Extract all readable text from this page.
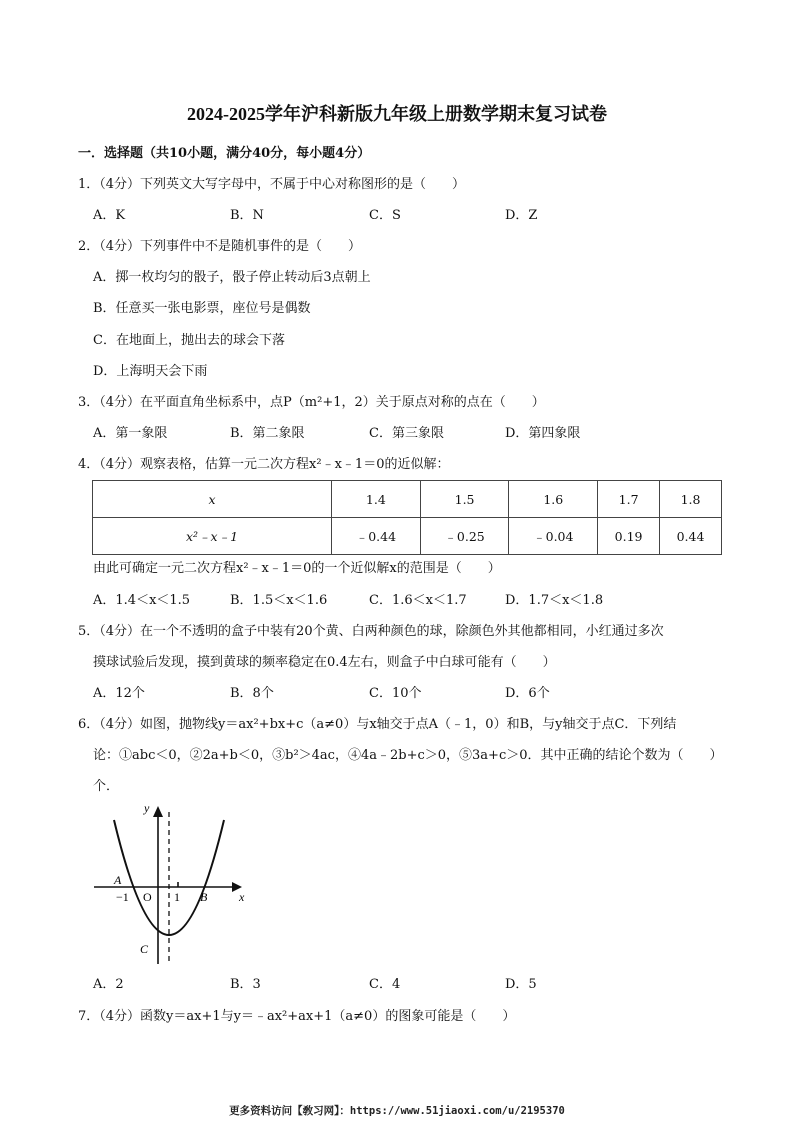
2024-2025学年沪科新版九年级上册数学期末复习试卷
一．选择题（共10小题，满分40分，每小题4分）
1．（4分）下列英文大写字母中，不属于中心对称图形的是（　　）
A．K	B．N	C．S	D．Z
2．（4分）下列事件中不是随机事件的是（　　）
A．掷一枚均匀的骰子，骰子停止转动后3点朝上
B．任意买一张电影票，座位号是偶数
C．在地面上，抛出去的球会下落
D．上海明天会下雨
3．（4分）在平面直角坐标系中，点P（m²+1，2）关于原点对称的点在（　　）
A．第一象限	B．第二象限	C．第三象限	D．第四象限
4．（4分）观察表格，估算一元二次方程x²﹣x﹣1＝0的近似解：
x	1.4	1.5	1.6	1.7	1.8
x²﹣x﹣1	﹣0.44	﹣0.25	﹣0.04	0.19	0.44
由此可确定一元二次方程x²﹣x﹣1＝0的一个近似解x的范围是（　　）
A．1.4＜x＜1.5	B．1.5＜x＜1.6	C．1.6＜x＜1.7	D．1.7＜x＜1.8
5．（4分）在一个不透明的盒子中装有20个黄、白两种颜色的球，除颜色外其他都相同，小红通过多次
摸球试验后发现，摸到黄球的频率稳定在0.4左右，则盒子中白球可能有（　　）
A．12个	B．8个	C．10个	D．6个
6．（4分）如图，抛物线y＝ax²+bx+c（a≠0）与x轴交于点A（﹣1，0）和B，与y轴交于点C．下列结
论：①abc＜0，②2a+b＜0，③b²＞4ac，④4a﹣2b+c＞0，⑤3a+c＞0．其中正确的结论个数为（　　）
个．
y
x
A
B
C
−1 O 1
A．2	B．3	C．4	D．5
7．（4分）函数y＝ax+1与y＝﹣ax²+ax+1（a≠0）的图象可能是（　　）
更多资料访问【敎习网】：https://www.51jiaoxi.com/u/2195370
